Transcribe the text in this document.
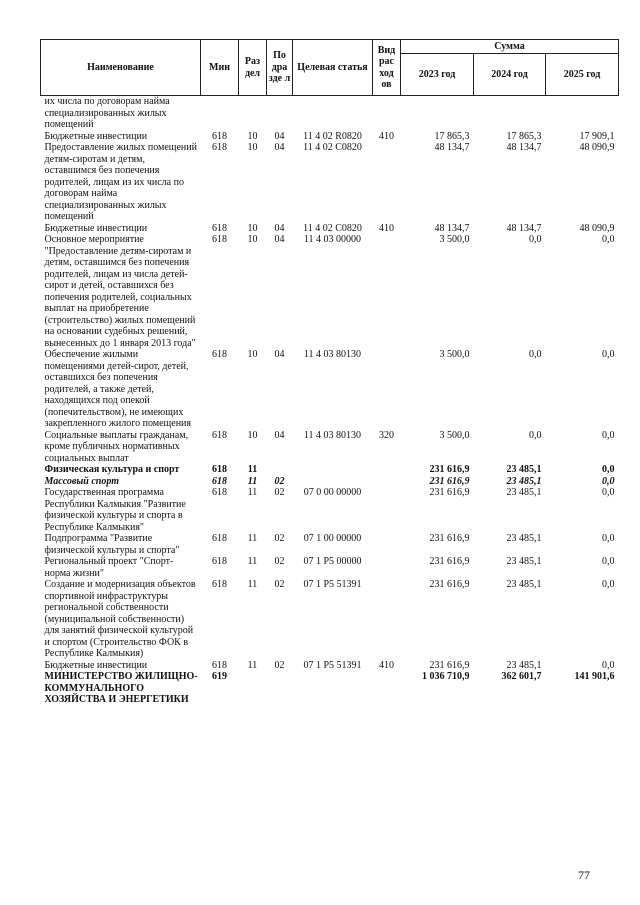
Наименование	Мин	Раз дел	По дра зде л	Целевая статья	Вид рас ход ов	Сумма		
						2023 год	2024 год	2025 год
их числа по договорам найма специализированных жилых помещений								
Бюджетные инвестиции	618	10	04	11 4 02 R0820	410	17 865,3	17 865,3	17 909,1
Предоставление жилых помещений детям-сиротам и детям, оставшимся без попечения родителей, лицам из их числа по договорам найма специализированных жилых помещений	618	10	04	11 4 02 С0820		48 134,7	48 134,7	48 090,9
Бюджетные инвестиции	618	10	04	11 4 02 С0820	410	48 134,7	48 134,7	48 090,9
Основное мероприятие "Предоставление детям-сиротам и детям, оставшимся без попечения родителей, лицам из числа детей-сирот и детей, оставшихся без попечения родителей, социальных выплат на приобретение (строительство) жилых помещений на основании судебных решений, вынесенных до 1 января 2013 года"	618	10	04	11 4 03 00000		3 500,0	0,0	0,0
Обеспечение жилыми помещениями детей-сирот, детей, оставшихся без попечения родителей, а также детей, находящихся под опекой (попечительством), не имеющих закрепленного жилого помещения	618	10	04	11 4 03 80130		3 500,0	0,0	0,0
Социальные выплаты гражданам, кроме публичных нормативных социальных выплат	618	10	04	11 4 03 80130	320	3 500,0	0,0	0,0
Физическая культура и спорт	618	11				231 616,9	23 485,1	0,0
Массовый спорт	618	11	02			231 616,9	23 485,1	0,0
Государственная программа Республики Калмыкия "Развитие физической культуры и спорта в Республике Калмыкия"	618	11	02	07 0 00 00000		231 616,9	23 485,1	0,0
Подпрограмма "Развитие физической культуры и спорта"	618	11	02	07 1 00 00000		231 616,9	23 485,1	0,0
Региональный проект "Спорт-норма жизни"	618	11	02	07 1 P5 00000		231 616,9	23 485,1	0,0
Создание и модернизация объектов спортивной инфраструктуры региональной собственности (муниципальной собственности) для занятий физической культурой и спортом (Строительство ФОК в Республике Калмыкия)	618	11	02	07 1 P5 51391		231 616,9	23 485,1	0,0
Бюджетные инвестиции	618	11	02	07 1 P5 51391	410	231 616,9	23 485,1	0,0
МИНИСТЕРСТВО ЖИЛИЩНО-КОММУНАЛЬНОГО ХОЗЯЙСТВА И ЭНЕРГЕТИКИ	619					1 036 710,9	362 601,7	141 901,6
77
